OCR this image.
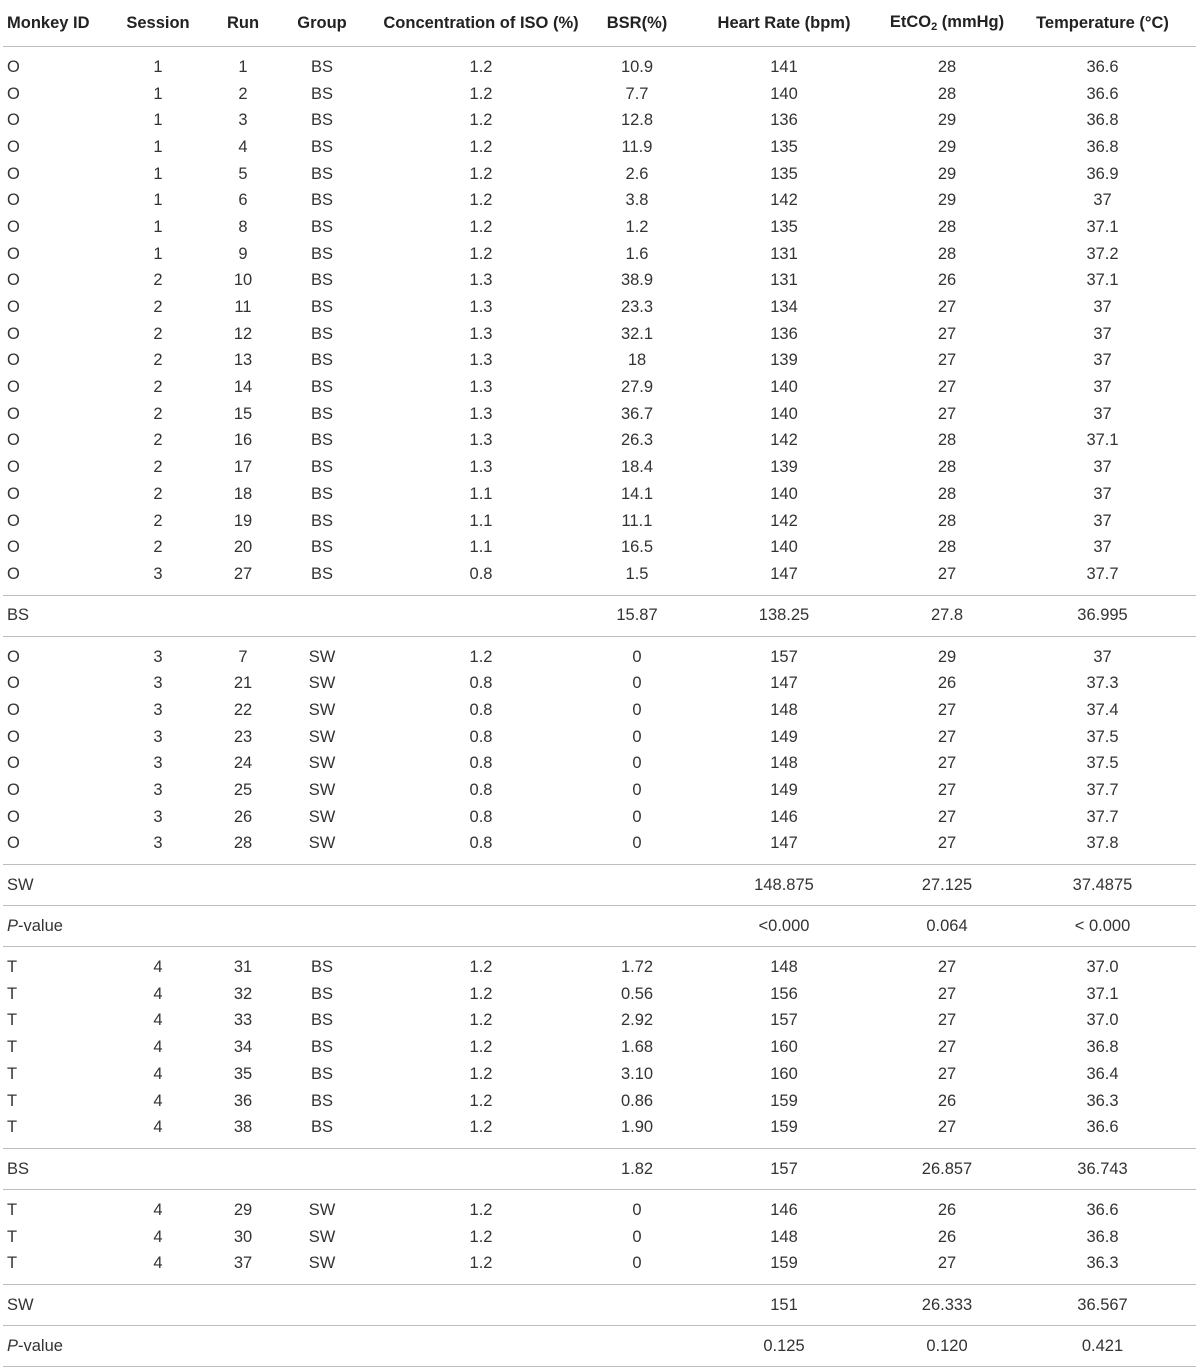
Monkey ID	Session	Run	Group	Concentration of ISO (%)	BSR(%)	Heart Rate (bpm)	EtCO$_2$ (mmHg)	Temperature (°C)
O	1	1	BS	1.2	10.9	141	28	36.6
O	1	2	BS	1.2	7.7	140	28	36.6
O	1	3	BS	1.2	12.8	136	29	36.8
O	1	4	BS	1.2	11.9	135	29	36.8
O	1	5	BS	1.2	2.6	135	29	36.9
O	1	6	BS	1.2	3.8	142	29	37
O	1	8	BS	1.2	1.2	135	28	37.1
O	1	9	BS	1.2	1.6	131	28	37.2
O	2	10	BS	1.3	38.9	131	26	37.1
O	2	11	BS	1.3	23.3	134	27	37
O	2	12	BS	1.3	32.1	136	27	37
O	2	13	BS	1.3	18	139	27	37
O	2	14	BS	1.3	27.9	140	27	37
O	2	15	BS	1.3	36.7	140	27	37
O	2	16	BS	1.3	26.3	142	28	37.1
O	2	17	BS	1.3	18.4	139	28	37
O	2	18	BS	1.1	14.1	140	28	37
O	2	19	BS	1.1	11.1	142	28	37
O	2	20	BS	1.1	16.5	140	28	37
O	3	27	BS	0.8	1.5	147	27	37.7
BS					15.87	138.25	27.8	36.995
O	3	7	SW	1.2	0	157	29	37
O	3	21	SW	0.8	0	147	26	37.3
O	3	22	SW	0.8	0	148	27	37.4
O	3	23	SW	0.8	0	149	27	37.5
O	3	24	SW	0.8	0	148	27	37.5
O	3	25	SW	0.8	0	149	27	37.7
O	3	26	SW	0.8	0	146	27	37.7
O	3	28	SW	0.8	0	147	27	37.8
SW						148.875	27.125	37.4875
P-value						<0.000	0.064	< 0.000
T	4	31	BS	1.2	1.72	148	27	37.0
T	4	32	BS	1.2	0.56	156	27	37.1
T	4	33	BS	1.2	2.92	157	27	37.0
T	4	34	BS	1.2	1.68	160	27	36.8
T	4	35	BS	1.2	3.10	160	27	36.4
T	4	36	BS	1.2	0.86	159	26	36.3
T	4	38	BS	1.2	1.90	159	27	36.6
BS					1.82	157	26.857	36.743
T	4	29	SW	1.2	0	146	26	36.6
T	4	30	SW	1.2	0	148	26	36.8
T	4	37	SW	1.2	0	159	27	36.3
SW						151	26.333	36.567
P-value						0.125	0.120	0.421
